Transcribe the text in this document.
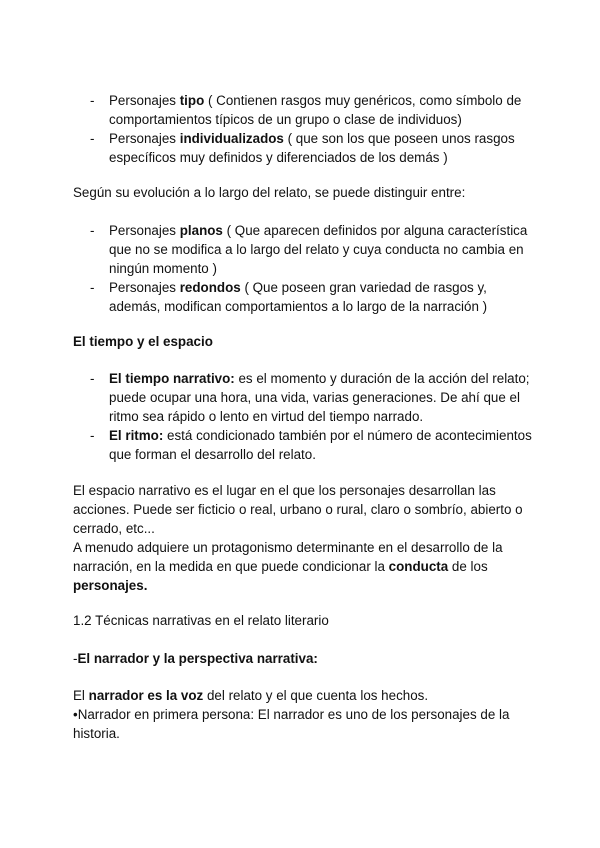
- Personajes tipo ( Contienen rasgos muy genéricos, como símbolo de comportamientos típicos de un grupo o clase de individuos)
- Personajes individualizados ( que son los que poseen unos rasgos específicos muy definidos y diferenciados de los demás )

Según su evolución a lo largo del relato, se puede distinguir entre:

- Personajes planos ( Que aparecen definidos por alguna característica que no se modifica a lo largo del relato y cuya conducta no cambia en ningún momento )
- Personajes redondos ( Que poseen gran variedad de rasgos y, además, modifican comportamientos a lo largo de la narración )

El tiempo y el espacio

- El tiempo narrativo: es el momento y duración de la acción del relato; puede ocupar una hora, una vida, varias generaciones. De ahí que el ritmo sea rápido o lento en virtud del tiempo narrado.
- El ritmo: está condicionado también por el número de acontecimientos que forman el desarrollo del relato.

El espacio narrativo es el lugar en el que los personajes desarrollan las acciones. Puede ser ficticio o real, urbano o rural, claro o sombrío, abierto o cerrado, etc...

A menudo adquiere un protagonismo determinante en el desarrollo de la narración, en la medida en que puede condicionar la conducta de los personajes.

1.2 Técnicas narrativas en el relato literario

-El narrador y la perspectiva narrativa:

El narrador es la voz del relato y el que cuenta los hechos.

•Narrador en primera persona: El narrador es uno de los personajes de la historia.
